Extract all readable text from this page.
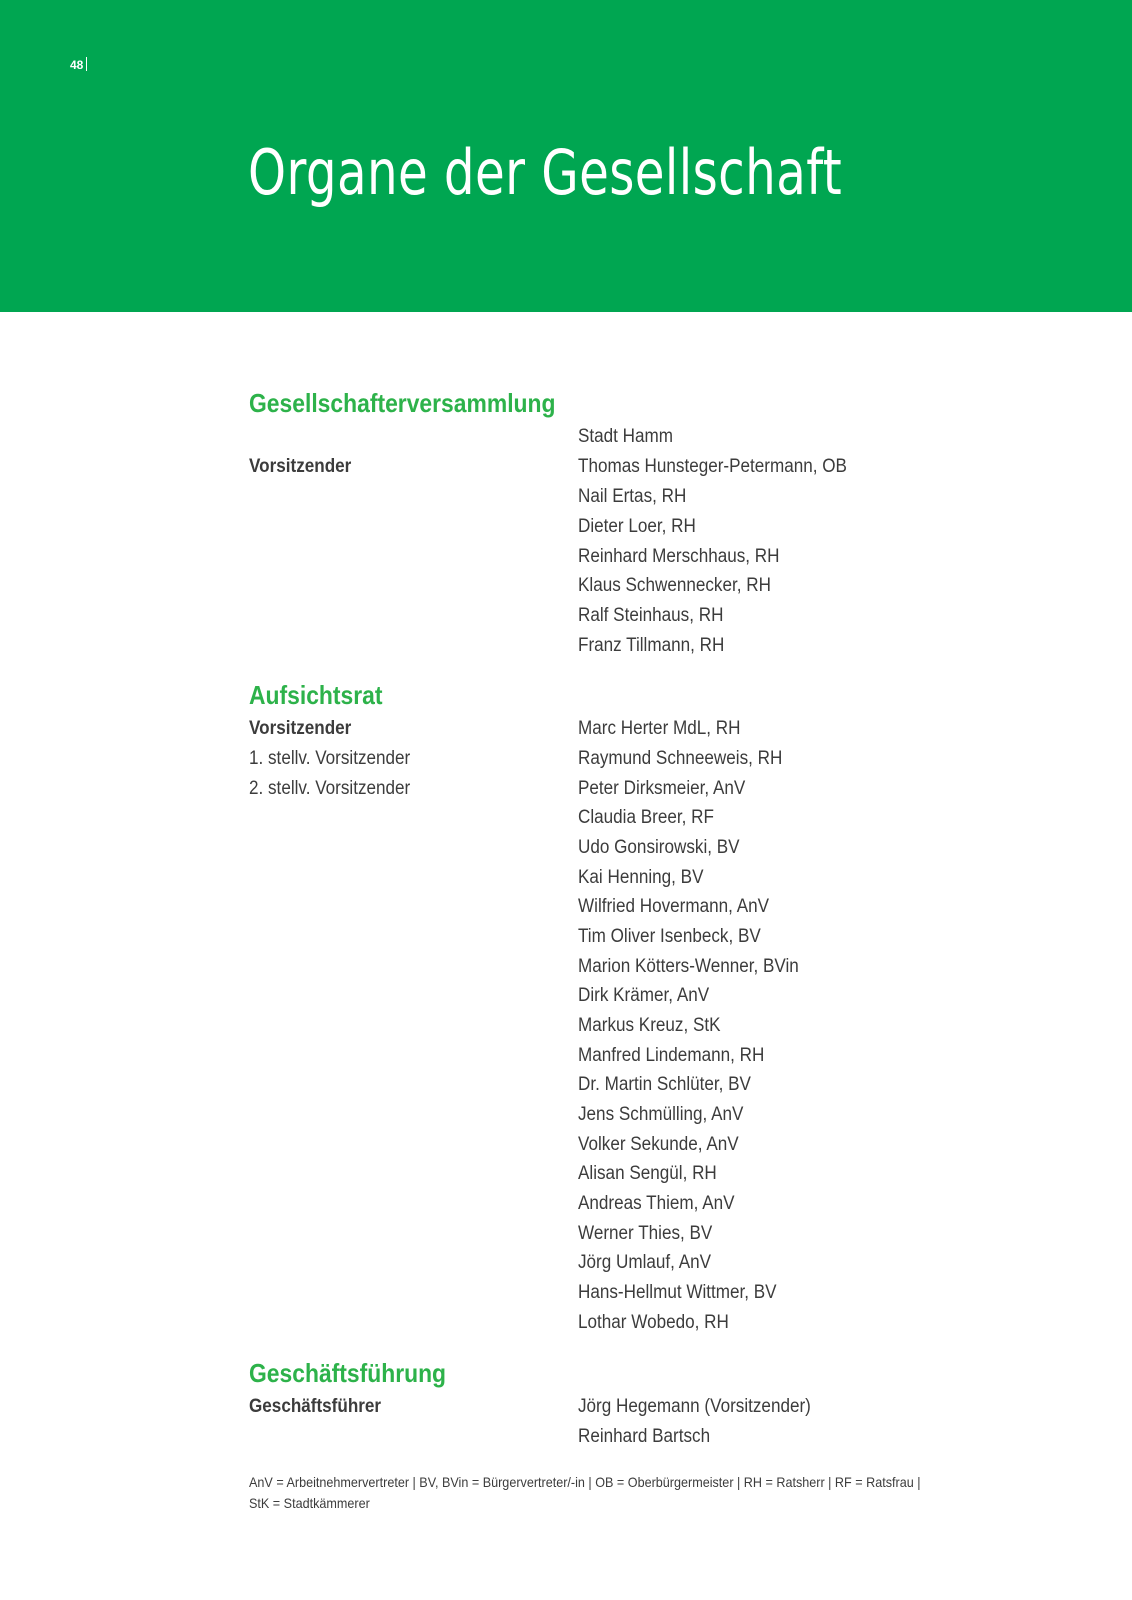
48
Organe der Gesellschaft
Gesellschafterversammlung
Vorsitzender
Stadt Hamm
Thomas Hunsteger-Petermann, OB
Nail Ertas, RH
Dieter Loer, RH
Reinhard Merschhaus, RH
Klaus Schwennecker, RH
Ralf Steinhaus, RH
Franz Tillmann, RH
Aufsichtsrat
Vorsitzender
1. stellv. Vorsitzender
2. stellv. Vorsitzender
Marc Herter MdL, RH
Raymund Schneeweis, RH
Peter Dirksmeier, AnV
Claudia Breer, RF
Udo Gonsirowski, BV
Kai Henning, BV
Wilfried Hovermann, AnV
Tim Oliver Isenbeck, BV
Marion Kötters-Wenner, BVin
Dirk Krämer, AnV
Markus Kreuz, StK
Manfred Lindemann, RH
Dr. Martin Schlüter, BV
Jens Schmülling, AnV
Volker Sekunde, AnV
Alisan Sengül, RH
Andreas Thiem, AnV
Werner Thies, BV
Jörg Umlauf, AnV
Hans-Hellmut Wittmer, BV
Lothar Wobedo, RH
Geschäftsführung
Geschäftsführer	Jörg Hegemann (Vorsitzender)
Reinhard Bartsch
AnV = Arbeitnehmervertreter | BV, BVin = Bürgervertreter/-in | OB = Oberbürgermeister | RH = Ratsherr | RF = Ratsfrau |
StK = Stadtkämmerer
